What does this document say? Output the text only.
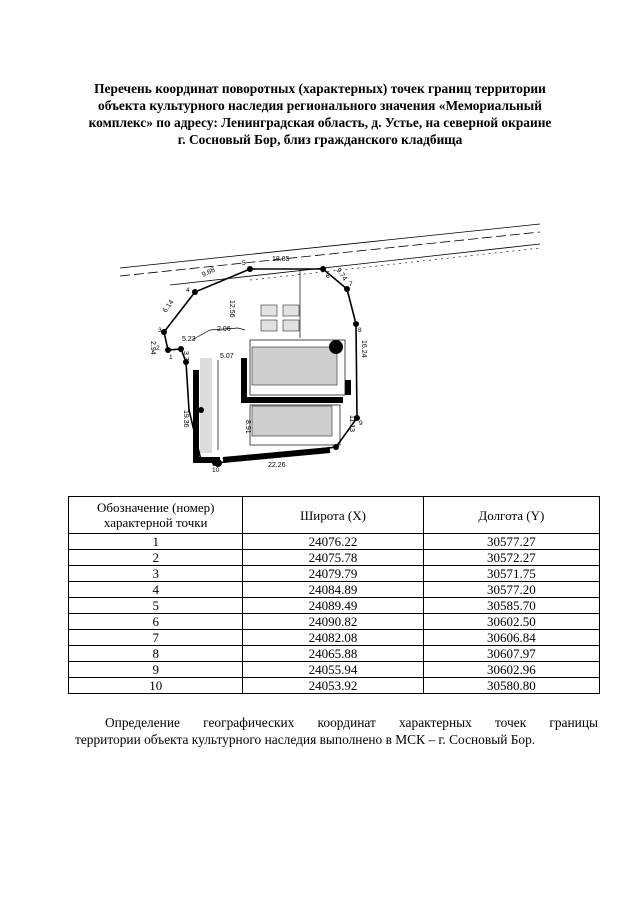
Перечень координат поворотных (характерных) точек границ территории
объекта культурного наследия регионального значения «Мемориальный
комплекс» по адресу: Ленинградская область, д. Устье, на северной окраине
г. Сосновый Бор, близ гражданского кладбища
18.85
9.68	9.74
6.14	12.56
2.06
5.23
2.94
3.31	5.07	16.24
8.91
19.36	11.13
22.26
1
2
3
4
5
6
7
8
9
10
Обозначение (номер)
характерной точки	Широта (X)	Долгота (Y)
1	24076.22	30577.27
2	24075.78	30572.27
3	24079.79	30571.75
4	24084.89	30577.20
5	24089.49	30585.70
6	24090.82	30602.50
7	24082.08	30606.84
8	24065.88	30607.97
9	24055.94	30602.96
10	24053.92	30580.80
Определение географических координат характерных точек границы
территории объекта культурного наследия выполнено в МСК – г. Сосновый Бор.
